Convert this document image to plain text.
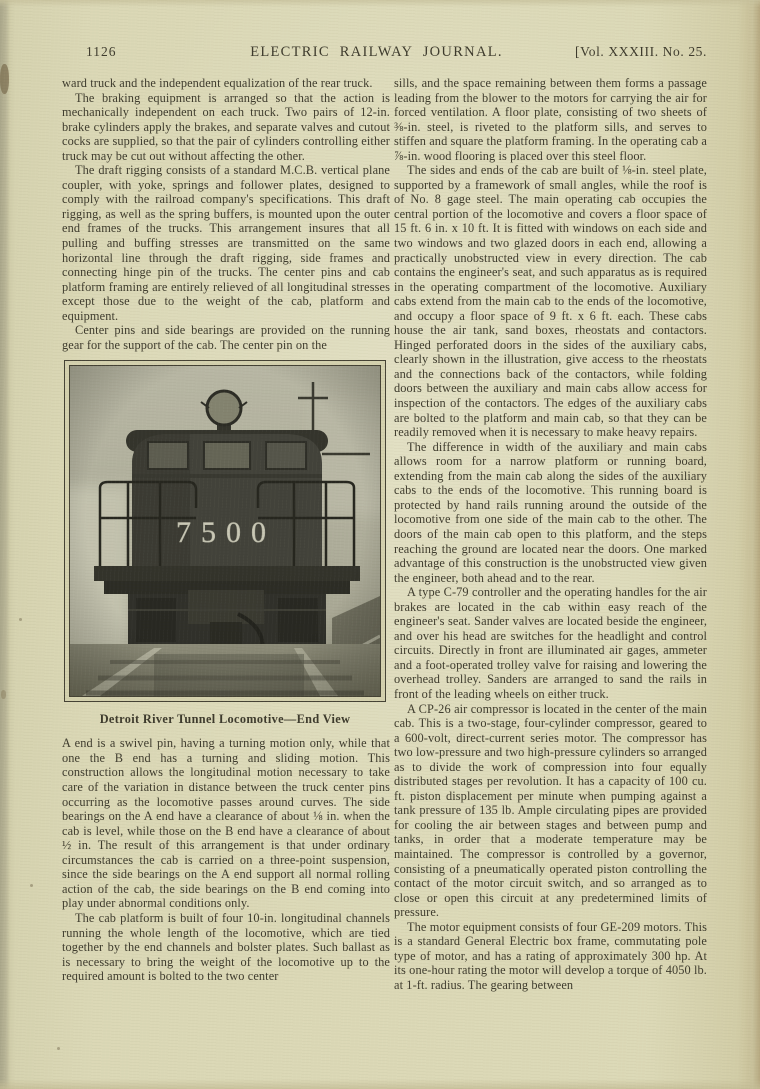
1126	ELECTRIC RAILWAY JOURNAL.	[Vol. XXXIII. No. 25.

ward truck and the independent equalization of the rear truck.

The braking equipment is arranged so that the action is mechanically independent on each truck. Two pairs of 12-in. brake cylinders apply the brakes, and separate valves and cutout cocks are supplied, so that the pair of cylinders controlling either truck may be cut out without affecting the other.

The draft rigging consists of a standard M.C.B. vertical plane coupler, with yoke, springs and follower plates, designed to comply with the railroad company's specifications. This draft rigging, as well as the spring buffers, is mounted upon the outer end frames of the trucks. This arrangement insures that all pulling and buffing stresses are transmitted on the same horizontal line through the draft rigging, side frames and connecting hinge pin of the trucks. The center pins and cab platform framing are entirely relieved of all longitudinal stresses except those due to the weight of the cab, platform and equipment.

Center pins and side bearings are provided on the running gear for the support of the cab. The center pin on the

Detroit River Tunnel Locomotive—End View

A end is a swivel pin, having a turning motion only, while that one the B end has a turning and sliding motion. This construction allows the longitudinal motion necessary to take care of the variation in distance between the truck center pins occurring as the locomotive passes around curves. The side bearings on the A end have a clearance of about ⅛ in. when the cab is level, while those on the B end have a clearance of about ½ in. The result of this arrangement is that under ordinary circumstances the cab is carried on a three-point suspension, since the side bearings on the A end support all normal rolling action of the cab, the side bearings on the B end coming into play under abnormal conditions only.

The cab platform is built of four 10-in. longitudinal channels running the whole length of the locomotive, which are tied together by the end channels and bolster plates. Such ballast as is necessary to bring the weight of the locomotive up to the required amount is bolted to the two center

sills, and the space remaining between them forms a passage leading from the blower to the motors for carrying the air for forced ventilation. A floor plate, consisting of two sheets of ⅜-in. steel, is riveted to the platform sills, and serves to stiffen and square the platform framing. In the operating cab a ⅞-in. wood flooring is placed over this steel floor.

The sides and ends of the cab are built of ⅛-in. steel plate, supported by a framework of small angles, while the roof is of No. 8 gage steel. The main operating cab occupies the central portion of the locomotive and covers a floor space of 15 ft. 6 in. x 10 ft. It is fitted with windows on each side and two windows and two glazed doors in each end, allowing a practically unobstructed view in every direction. The cab contains the engineer's seat, and such apparatus as is required in the operating compartment of the locomotive. Auxiliary cabs extend from the main cab to the ends of the locomotive, and occupy a floor space of 9 ft. x 6 ft. each. These cabs house the air tank, sand boxes, rheostats and contactors. Hinged perforated doors in the sides of the auxiliary cabs, clearly shown in the illustration, give access to the rheostats and the connections back of the contactors, while folding doors between the auxiliary and main cabs allow access for inspection of the contactors. The edges of the auxiliary cabs are bolted to the platform and main cab, so that they can be readily removed when it is necessary to make heavy repairs.

The difference in width of the auxiliary and main cabs allows room for a narrow platform or running board, extending from the main cab along the sides of the auxiliary cabs to the ends of the locomotive. This running board is protected by hand rails running around the outside of the locomotive from one side of the main cab to the other. The doors of the main cab open to this platform, and the steps reaching the ground are located near the doors. One marked advantage of this construction is the unobstructed view given the engineer, both ahead and to the rear.

A type C-79 controller and the operating handles for the air brakes are located in the cab within easy reach of the engineer's seat. Sander valves are located beside the engineer, and over his head are switches for the headlight and control circuits. Directly in front are illuminated air gages, ammeter and a foot-operated trolley valve for raising and lowering the overhead trolley. Sanders are arranged to sand the rails in front of the leading wheels on either truck.

A CP-26 air compressor is located in the center of the main cab. This is a two-stage, four-cylinder compressor, geared to a 600-volt, direct-current series motor. The compressor has two low-pressure and two high-pressure cylinders so arranged as to divide the work of compression into four equally distributed stages per revolution. It has a capacity of 100 cu. ft. piston displacement per minute when pumping against a tank pressure of 135 lb. Ample circulating pipes are provided for cooling the air between stages and between pump and tanks, in order that a moderate temperature may be maintained. The compressor is controlled by a governor, consisting of a pneumatically operated piston controlling the contact of the motor circuit switch, and so arranged as to close or open this circuit at any predetermined limits of pressure.

The motor equipment consists of four GE-209 motors. This is a standard General Electric box frame, commutating pole type of motor, and has a rating of approximately 300 hp. At its one-hour rating the motor will develop a torque of 4050 lb. at 1-ft. radius. The gearing between
